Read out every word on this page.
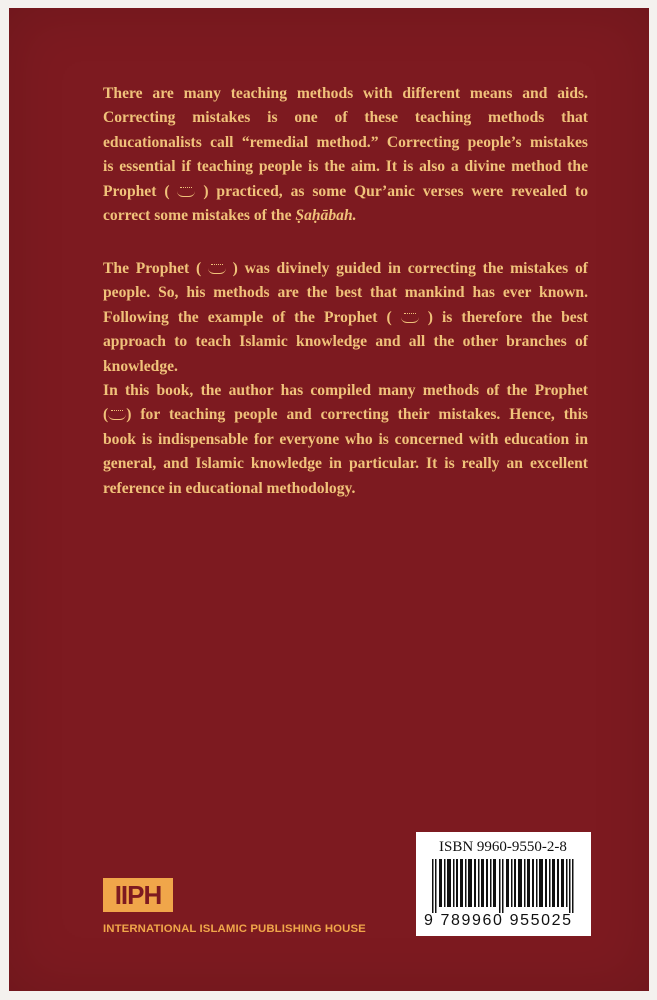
There are many teaching methods with different means and aids.
Correcting mistakes is one of these teaching methods that
educationalists call “remedial method.” Correcting people’s mistakes
is essential if teaching people is the aim. It is also a divine method the
Prophet (  ) practiced, as some Qur’anic verses were revealed to
correct some mistakes of the Ṣaḥābah.

The Prophet (  ) was divinely guided in correcting the mistakes of
people. So, his methods are the best that mankind has ever known.
Following the example of the Prophet (  ) is therefore the best
approach to teach Islamic knowledge and all the other branches of
knowledge.

In this book, the author has compiled many methods of the Prophet
( ) for teaching people and correcting their mistakes. Hence, this
book is indispensable for everyone who is concerned with education in
general, and Islamic knowledge in particular. It is really an excellent
reference in educational methodology.

IIPH
INTERNATIONAL ISLAMIC PUBLISHING HOUSE
ISBN 9960-9550-2-8
9 789960 955025
